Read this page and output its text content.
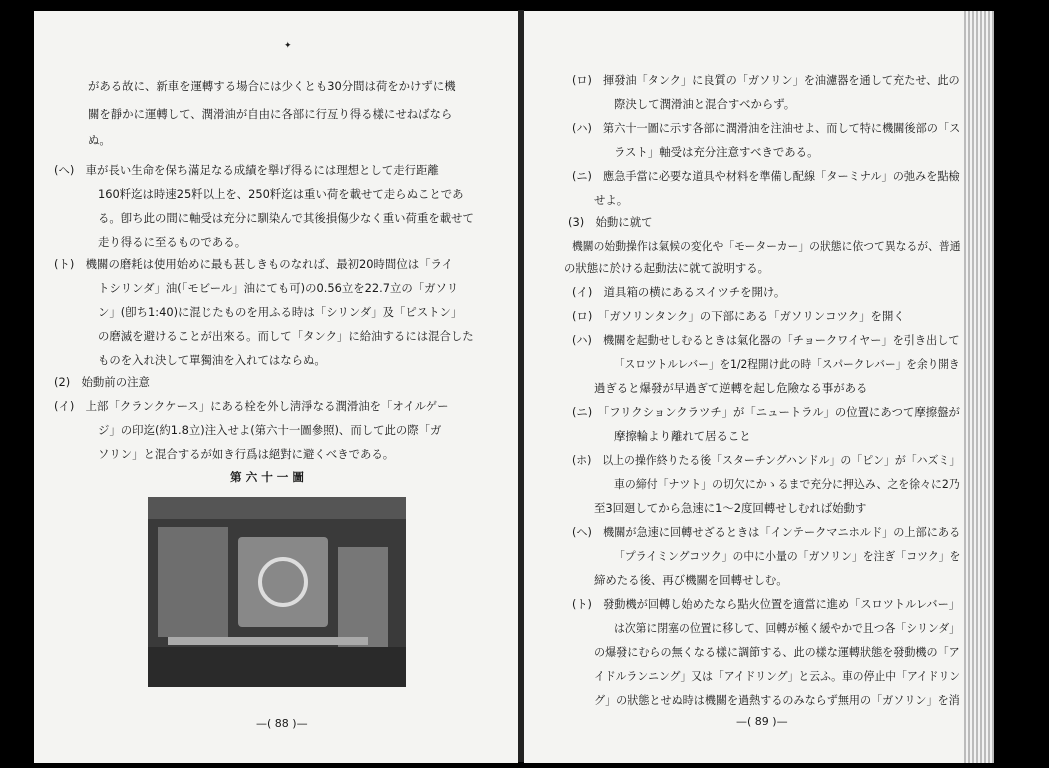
✦
がある故に、新車を運轉する場合には少くとも30分間は荷をかけずに機
關を靜かに運轉して、潤滑油が自由に各部に行亙り得る樣にせねばなら
ぬ。
(へ)　車が長い生命を保ち滿足なる成績を擧げ得るには理想として走行距離
160粁迄は時速25粁以上を、250粁迄は重い荷を載せて走らぬことであ
る。卽ち此の間に軸受は充分に馴染んで其後損傷少なく重い荷重を載せて
走り得るに至るものである。
(ト)　機關の磨耗は使用始めに最も甚しきものなれば、最初20時間位は「ライ
トシリンダ」油(「モビール」油にても可)の0.56立を22.7立の「ガソリ
ン」(卽ち1:40)に混じたものを用ふる時は「シリンダ」及「ピストン」
の磨滅を避けることが出來る。而して「タンク」に給油するには混合した
ものを入れ決して單獨油を入れてはならぬ。
(2)　始動前の注意
(イ)　上部「クランクケース」にある栓を外し淸淨なる潤滑油を「オイルゲー
ジ」の印迄(約1.8立)注入せよ(第六十一圖參照)、而して此の際「ガ
ソリン」と混合するが如き行爲は絕對に避くべきである。
第六十一圖
—( 88 )—
(ロ)　揮發油「タンク」に良質の「ガソリン」を油濾器を通して充たせ、此の
際決して潤滑油と混合すべからず。
(ハ)　第六十一圖に示す各部に潤滑油を注油せよ、而して特に機關後部の「ス
ラスト」軸受は充分注意すべきである。
(ニ)　應急手當に必要な道具や材料を準備し配線「ターミナル」の弛みを點檢
せよ。
(3)　始動に就て
機關の始動操作は氣候の変化や「モーターカー」の狀態に依つて異なるが、普通
の狀態に於ける起動法に就て說明する。
(イ)　道具箱の横にあるスイツチを開け。
(ロ)　「ガソリンタンク」の下部にある「ガソリンコツク」を開く
(ハ)　機關を起動せしむるときは氣化器の「チョークワイヤー」を引き出して
「スロツトルレバー」を1/2程開け此の時「スパークレバー」を余り開き
過ぎると爆發が早過ぎて逆轉を起し危險なる事がある
(ニ)　「フリクションクラツチ」が「ニュートラル」の位置にあつて摩擦盤が
摩擦輪より離れて居ること
(ホ)　以上の操作終りたる後「スターチングハンドル」の「ピン」が「ハズミ」
車の締付「ナツト」の切欠にかゝるまで充分に押込み、之を徐々に2乃
至3回廻してから急速に1〜2度回轉せしむれば始動す
(ヘ)　機關が急速に回轉せざるときは「インテークマニホルド」の上部にある
「プライミングコツク」の中に小量の「ガソリン」を注ぎ「コツク」を
締めたる後、再び機關を回轉せしむ。
(ト)　發動機が回轉し始めたなら點火位置を適當に進め「スロツトルレバー」
は次第に閉塞の位置に移して、回轉が極く緩やかで且つ各「シリンダ」
の爆發にむらの無くなる樣に調節する、此の樣な運轉狀態を發動機の「ア
イドルランニング」又は「アイドリング」と云ふ。車の停止中「アイドリン
グ」の狀態とせぬ時は機關を過熱するのみならず無用の「ガソリン」を消
—( 89 )—
